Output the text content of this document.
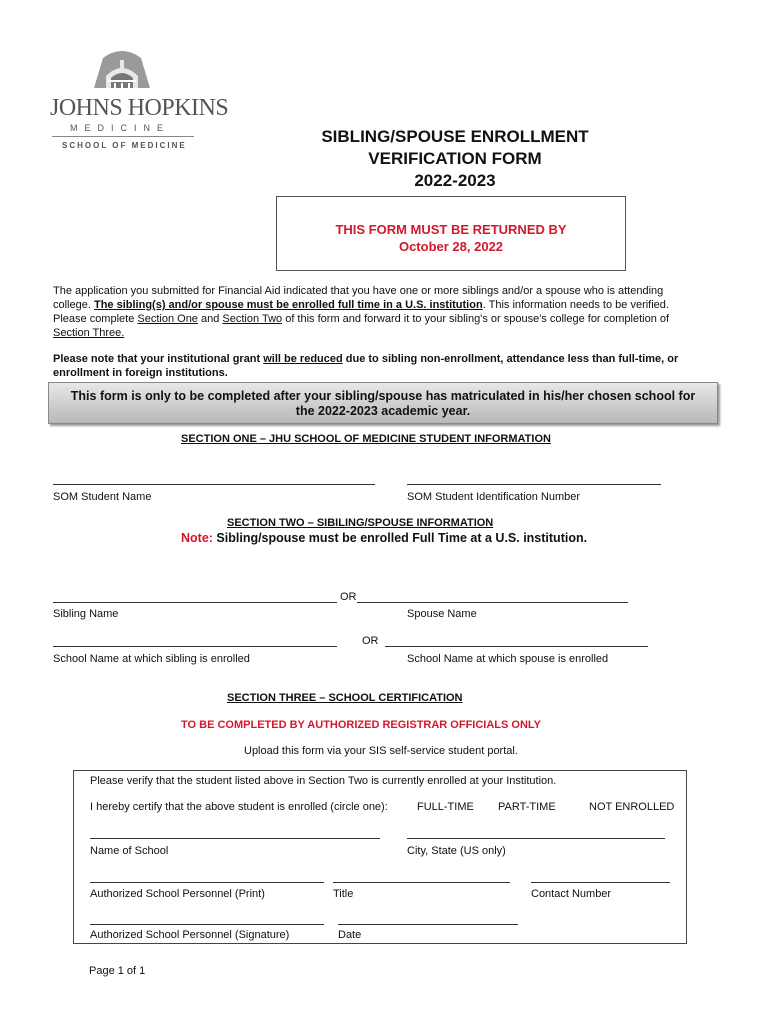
JOHNS HOPKINS
MEDICINE
SCHOOL OF MEDICINE	SIBLING/SPOUSE ENROLLMENT
VERIFICATION FORM
2022-2023
THIS FORM MUST BE RETURNED BY
October 28, 2022
The application you submitted for Financial Aid indicated that you have one or more siblings and/or a spouse who is attending college. The sibling(s) and/or spouse must be enrolled full time in a U.S. institution. This information needs to be verified. Please complete Section One and Section Two of this form and forward it to your sibling's or spouse's college for completion of Section Three.
Please note that your institutional grant will be reduced due to sibling non-enrollment, attendance less than full-time, or enrollment in foreign institutions.
This form is only to be completed after your sibling/spouse has matriculated in his/her chosen school for
the 2022-2023 academic year.
SECTION ONE – JHU SCHOOL OF MEDICINE STUDENT INFORMATION
SOM Student Name	SOM Student Identification Number
SECTION TWO – SIBILING/SPOUSE INFORMATION
Note: Sibling/spouse must be enrolled Full Time at a U.S. institution.
OR
Sibling Name	Spouse Name
OR
School Name at which sibling is enrolled	School Name at which spouse is enrolled
SECTION THREE – SCHOOL CERTIFICATION
TO BE COMPLETED BY AUTHORIZED REGISTRAR OFFICIALS ONLY
Upload this form via your SIS self-service student portal.
Please verify that the student listed above in Section Two is currently enrolled at your Institution.
I hereby certify that the above student is enrolled (circle one):	FULL-TIME PART-TIME	NOT ENROLLED
Name of School	City, State (US only)
Authorized School Personnel (Print)	Title	Contact Number
Authorized School Personnel (Signature)	Date
Page 1 of 1
